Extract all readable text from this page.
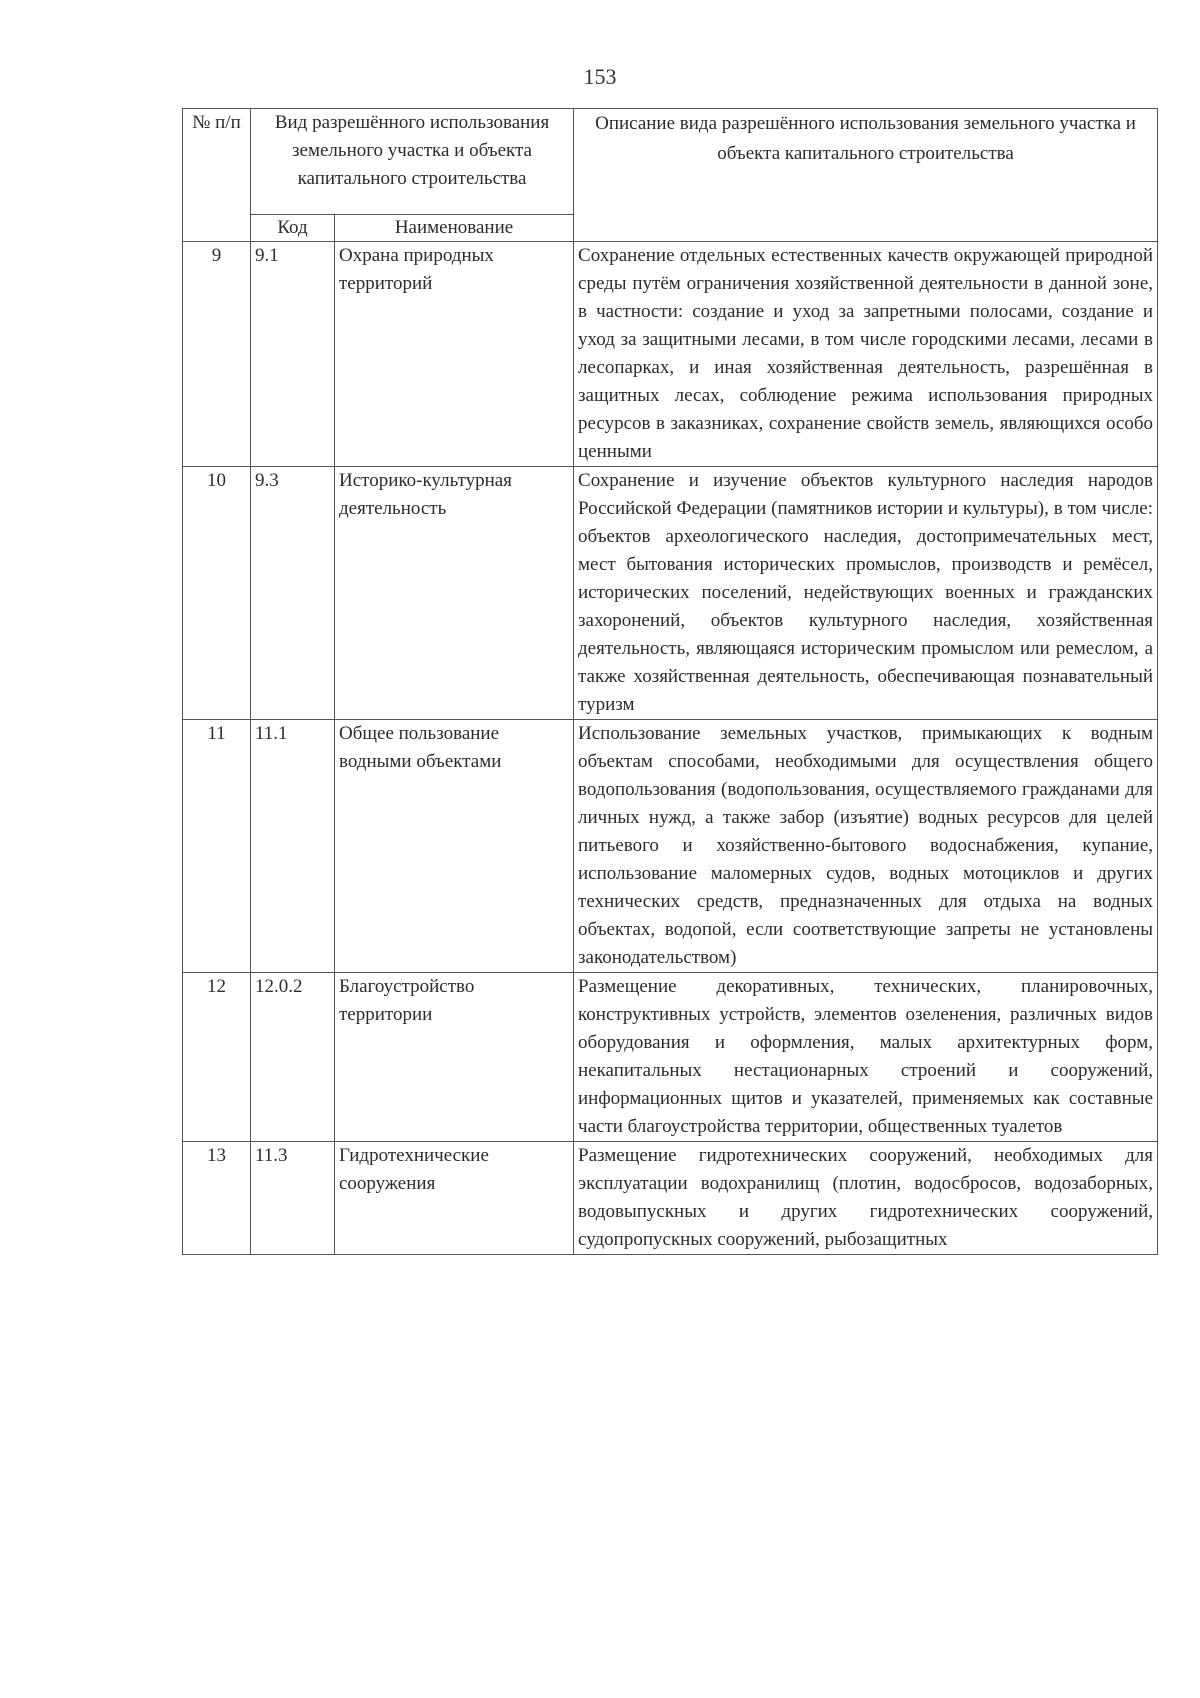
153
№ п/п	Вид разрешённого использования земельного участка и объекта капитального строительства		Описание вида разрешённого использования земельного участка и объекта капитального строительства
	Код	Наименование	
9	9.1	Охрана природных территорий	Сохранение отдельных естественных качеств окружающей природной среды путём ограничения хозяйственной деятельности в данной зоне, в частности: создание и уход за запретными полосами, создание и уход за защитными лесами, в том числе городскими лесами, лесами в лесопарках, и иная хозяйственная деятельность, разрешённая в защитных лесах, соблюдение режима использования природных ресурсов в заказниках, сохранение свойств земель, являющихся особо ценными
10	9.3	Историко-культурная деятельность	Сохранение и изучение объектов культурного наследия народов Российской Федерации (памятников истории и культуры), в том числе: объектов археологического наследия, достопримечательных мест, мест бытования исторических промыслов, производств и ремёсел, исторических поселений, недействующих военных и гражданских захоронений, объектов культурного наследия, хозяйственная деятельность, являющаяся историческим промыслом или ремеслом, а также хозяйственная деятельность, обеспечивающая познавательный туризм
11	11.1	Общее пользование водными объектами	Использование земельных участков, примыкающих к водным объектам способами, необходимыми для осуществления общего водопользования (водопользования, осуществляемого гражданами для личных нужд, а также забор (изъятие) водных ресурсов для целей питьевого и хозяйственно-бытового водоснабжения, купание, использование маломерных судов, водных мотоциклов и других технических средств, предназначенных для отдыха на водных объектах, водопой, если соответствующие запреты не установлены законодательством)
12	12.0.2	Благоустройство территории	Размещение декоративных, технических, планировочных, конструктивных устройств, элементов озеленения, различных видов оборудования и оформления, малых архитектурных форм, некапитальных нестационарных строений и сооружений, информационных щитов и указателей, применяемых как составные части благоустройства территории, общественных туалетов
13	11.3	Гидротехнические сооружения	Размещение гидротехнических сооружений, необходимых для эксплуатации водохранилищ (плотин, водосбросов, водозаборных, водовыпускных и других гидротехнических сооружений, судопропускных сооружений, рыбозащитных
